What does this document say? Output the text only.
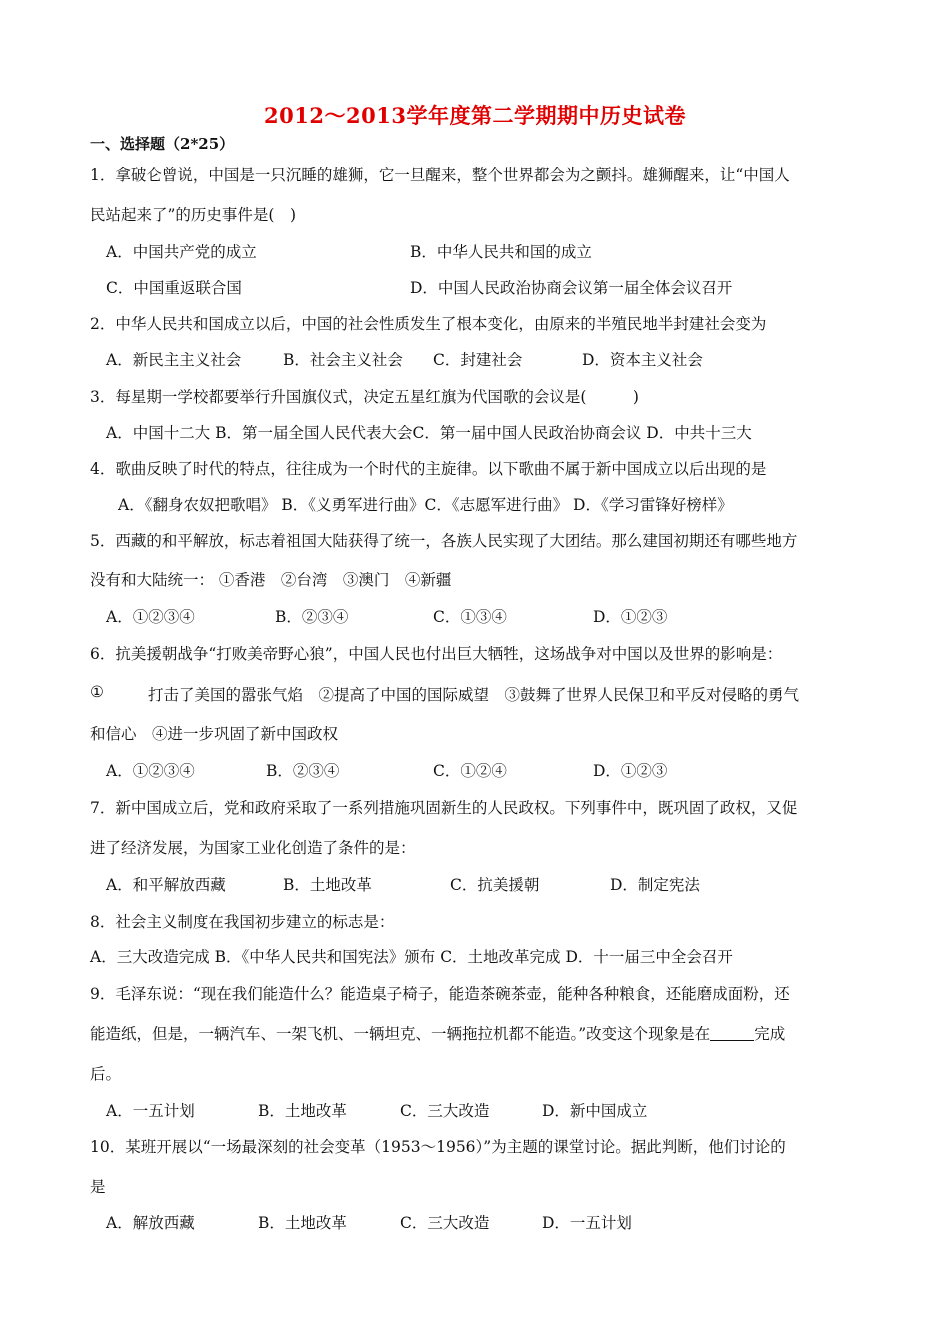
2012～2013学年度第二学期期中历史试卷
一、选择题（2*25）
1．拿破仑曾说，中国是一只沉睡的雄狮，它一旦醒来，整个世界都会为之颤抖。雄狮醒来，让“中国人
民站起来了”的历史事件是(　)
A．中国共产党的成立	B．中华人民共和国的成立
C．中国重返联合国	D．中国人民政治协商会议第一届全体会议召开
2．中华人民共和国成立以后，中国的社会性质发生了根本变化，由原来的半殖民地半封建社会变为
A．新民主主义社会	B．社会主义社会 C．封建社会	D．资本主义社会
3．每星期一学校都要举行升国旗仪式，决定五星红旗为代国歌的会议是(　　　)
A．中国十二大 B．第一届全国人民代表大会C．第一届中国人民政治协商会议 D．中共十三大
4．歌曲反映了时代的特点，往往成为一个时代的主旋律。以下歌曲不属于新中国成立以后出现的是
A．《翻身农奴把歌唱》 B．《义勇军进行曲》C．《志愿军进行曲》 D．《学习雷锋好榜样》
5．西藏的和平解放，标志着祖国大陆获得了统一，各族人民实现了大团结。那么建国初期还有哪些地方
没有和大陆统一： ①香港　②台湾　③澳门　④新疆
A．①②③④	B．②③④	C．①③④	D．①②③
6．抗美援朝战争“打败美帝野心狼”，中国人民也付出巨大牺牲，这场战争对中国以及世界的影响是：
①	打击了美国的嚣张气焰　②提高了中国的国际威望　③鼓舞了世界人民保卫和平反对侵略的勇气
和信心　④进一步巩固了新中国政权
A．①②③④	B．②③④	C．①②④	D．①②③
7．新中国成立后，党和政府采取了一系列措施巩固新生的人民政权。下列事件中，既巩固了政权，又促
进了经济发展，为国家工业化创造了条件的是：
A．和平解放西藏	B．土地改革	C．抗美援朝	D．制定宪法
8．社会主义制度在我国初步建立的标志是：
A．三大改造完成 B．《中华人民共和国宪法》颁布 C．土地改革完成 D．十一届三中全会召开
9．毛泽东说：“现在我们能造什么？能造桌子椅子，能造茶碗茶壶，能种各种粮食，还能磨成面粉，还
能造纸，但是，一辆汽车、一架飞机、一辆坦克、一辆拖拉机都不能造。”改变这个现象是在	完成
后。
A．一五计划	B．土地改革	C．三大改造	D．新中国成立
10．某班开展以“一场最深刻的社会变革（1953～1956）”为主题的课堂讨论。据此判断，他们讨论的
是
A．解放西藏	B．土地改革	C．三大改造	D．一五计划
